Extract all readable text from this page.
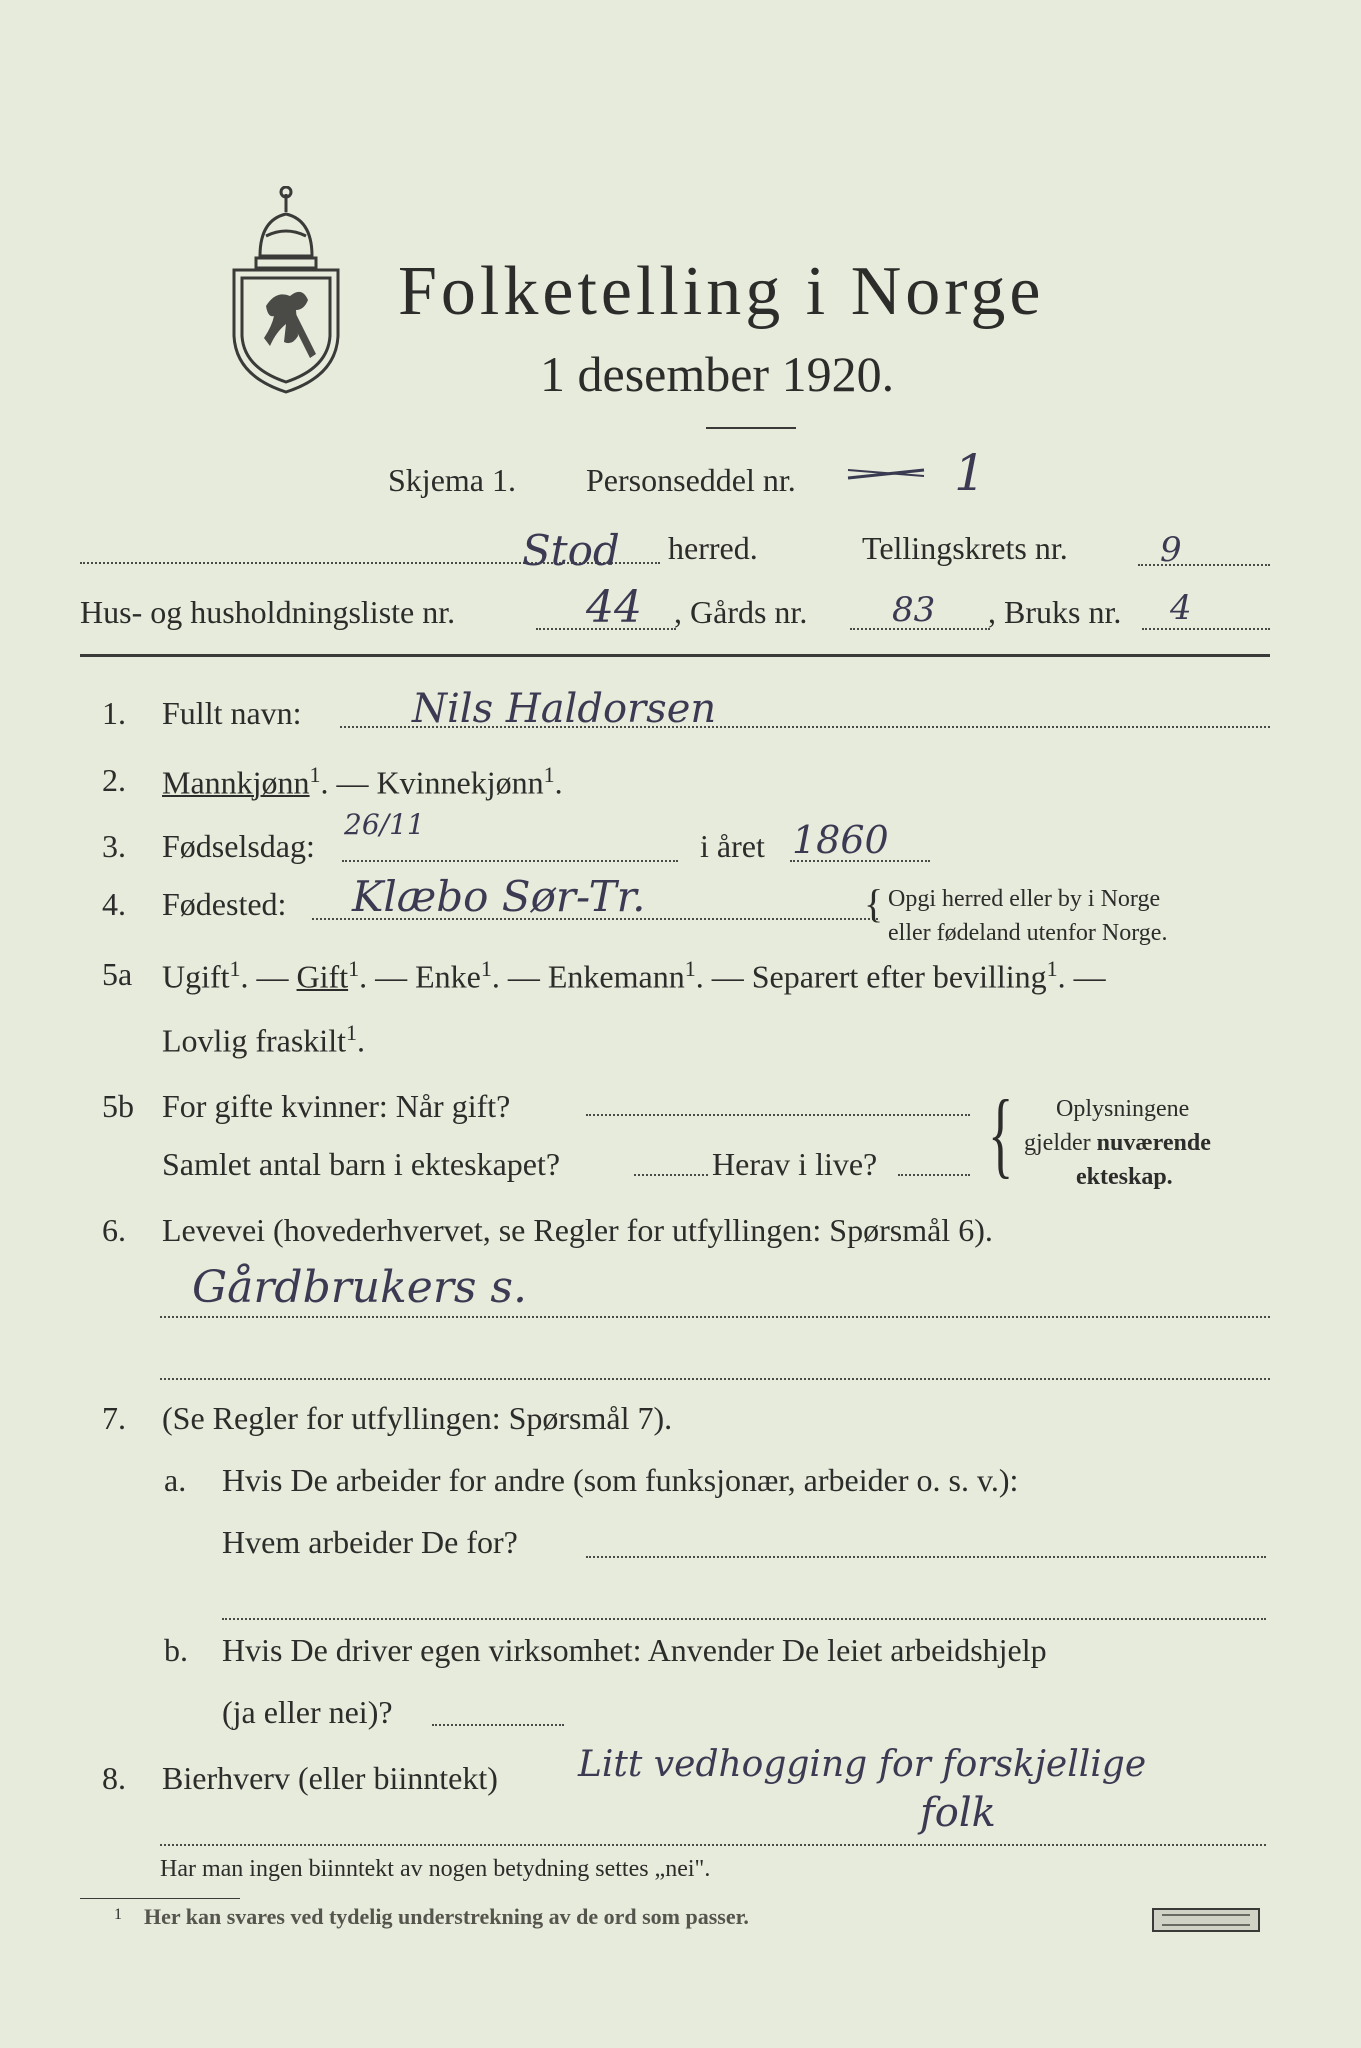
Folketelling i Norge
1 desember 1920.
Skjema 1. Personseddel nr.	1
Stod herred.	Tellingskrets nr.	9
Hus- og husholdningsliste nr.	44 , Gårds nr. 83 , Bruks nr. 4
1. Fullt navn:	Nils Haldorsen
2. Mannkjønn$^1$. — Kvinnekjønn$^1$.
3. Fødselsdag:
26/11
i året 1860
4. Fødested: Klæbo Sør-Tr.	{ Opgi herred eller by i Norge
eller fødeland utenfor Norge.
5a Ugift$^1$. — Gift$^1$. — Enke$^1$. — Enkemann$^1$. — Separert efter bevilling$^1$. —
Lovlig fraskilt$^1$.
5b For gifte kvinner: Når gift?
Samlet antal barn i ekteskapet?	Herav i live? { Oplysningene
gjelder nuværende
ekteskap.
6. Levevei (hovederhvervet, se Regler for utfyllingen: Spørsmål 6).
Gårdbrukers s.
7. (Se Regler for utfyllingen: Spørsmål 7).
a. Hvis De arbeider for andre (som funksjonær, arbeider o. s. v.):
Hvem arbeider De for?
b. Hvis De driver egen virksomhet: Anvender De leiet arbeidshjelp
(ja eller nei)?
8. Bierhverv (eller biinntekt) Litt vedhogging for forskjellige
folk
Har man ingen biinntekt av nogen betydning settes „nei".
1 Her kan svares ved tydelig understrekning av de ord som passer.
